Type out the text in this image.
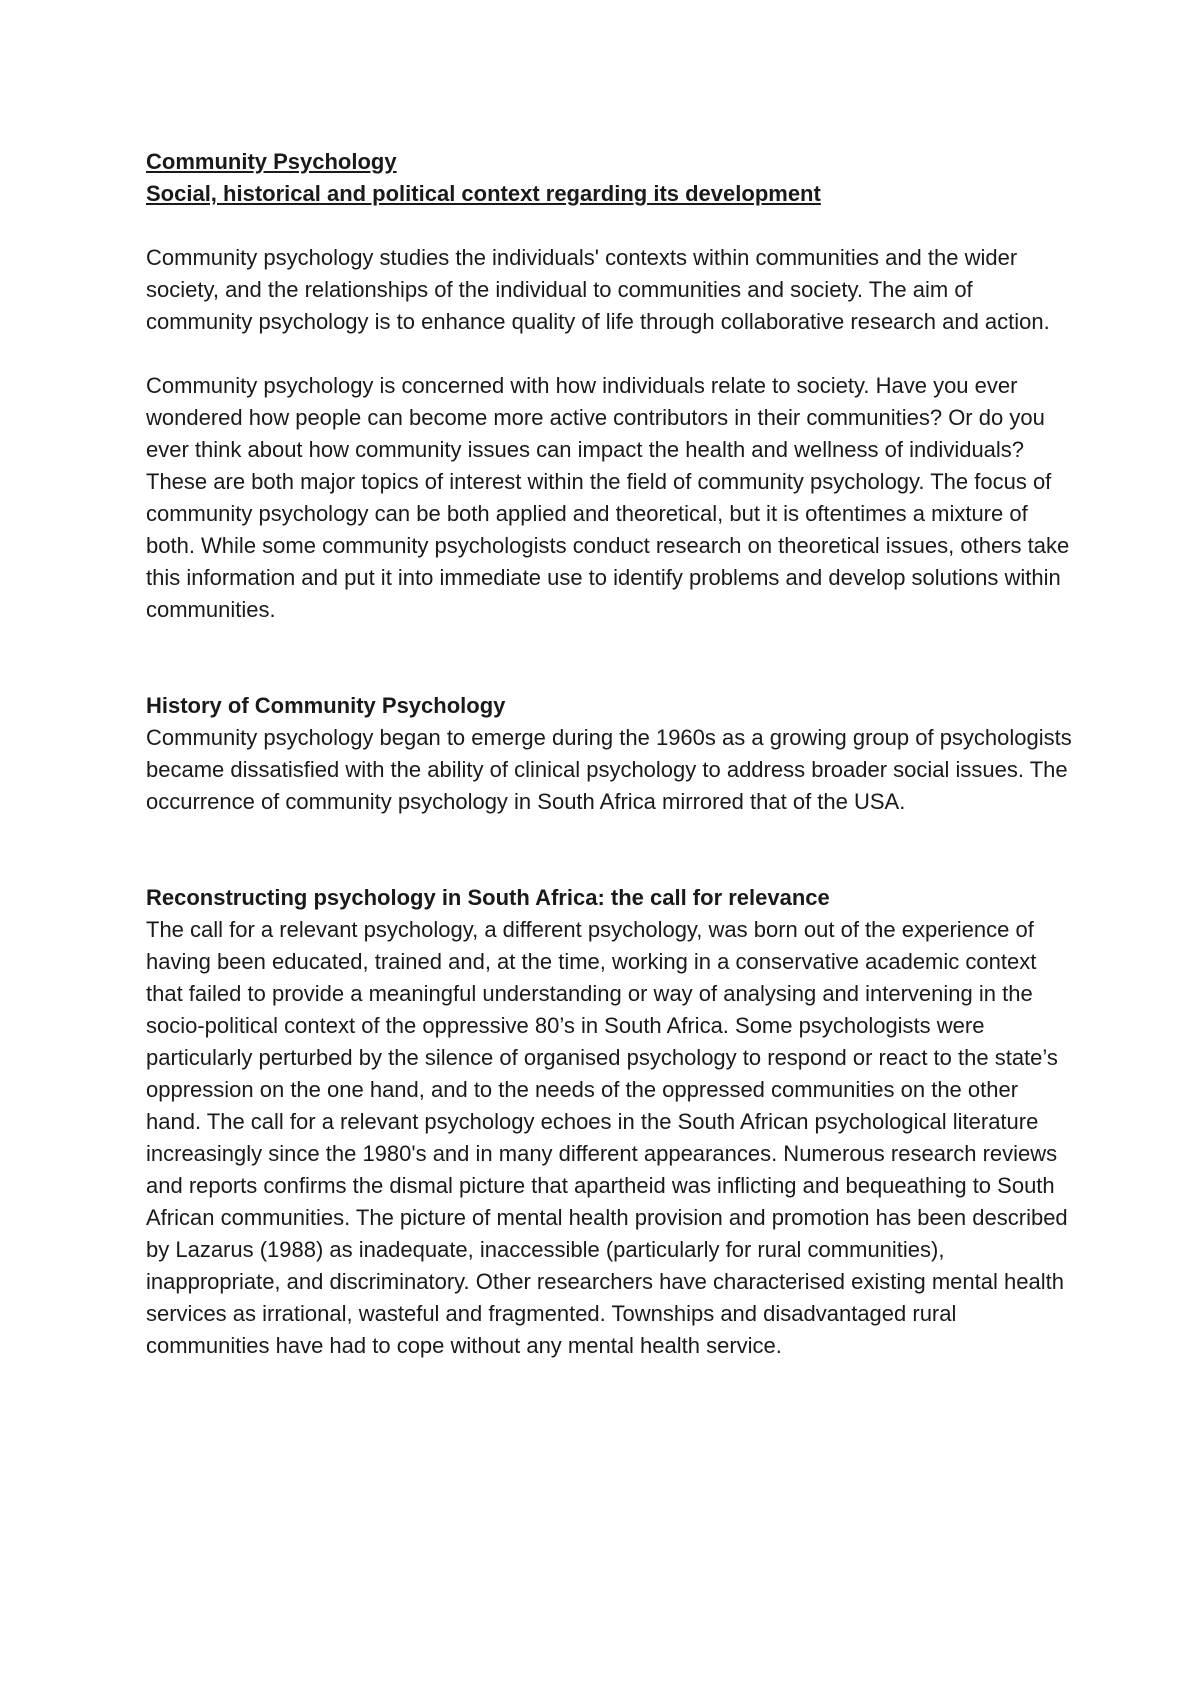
Community Psychology

Social, historical and political context regarding its development

Community psychology studies the individuals' contexts within communities and the wider society, and the relationships of the individual to communities and society. The aim of community psychology is to enhance quality of life through collaborative research and action.

Community psychology is concerned with how individuals relate to society. Have you ever wondered how people can become more active contributors in their communities? Or do you ever think about how community issues can impact the health and wellness of individuals? These are both major topics of interest within the field of community psychology. The focus of community psychology can be both applied and theoretical, but it is oftentimes a mixture of both. While some community psychologists conduct research on theoretical issues, others take this information and put it into immediate use to identify problems and develop solutions within communities.

History of Community Psychology

Community psychology began to emerge during the 1960s as a growing group of psychologists became dissatisfied with the ability of clinical psychology to address broader social issues. The occurrence of community psychology in South Africa mirrored that of the USA.

Reconstructing psychology in South Africa: the call for relevance

The call for a relevant psychology, a different psychology, was born out of the experience of having been educated, trained and, at the time, working in a conservative academic context that failed to provide a meaningful understanding or way of analysing and intervening in the socio-political context of the oppressive 80’s in South Africa. Some psychologists were particularly perturbed by the silence of organised psychology to respond or react to the state’s oppression on the one hand, and to the needs of the oppressed communities on the other hand. The call for a relevant psychology echoes in the South African psychological literature increasingly since the 1980's and in many different appearances. Numerous research reviews and reports confirms the dismal picture that apartheid was inflicting and bequeathing to South African communities. The picture of mental health provision and promotion has been described by Lazarus (1988) as inadequate, inaccessible (particularly for rural communities), inappropriate, and discriminatory. Other researchers have characterised existing mental health services as irrational, wasteful and fragmented. Townships and disadvantaged rural communities have had to cope without any mental health service.
